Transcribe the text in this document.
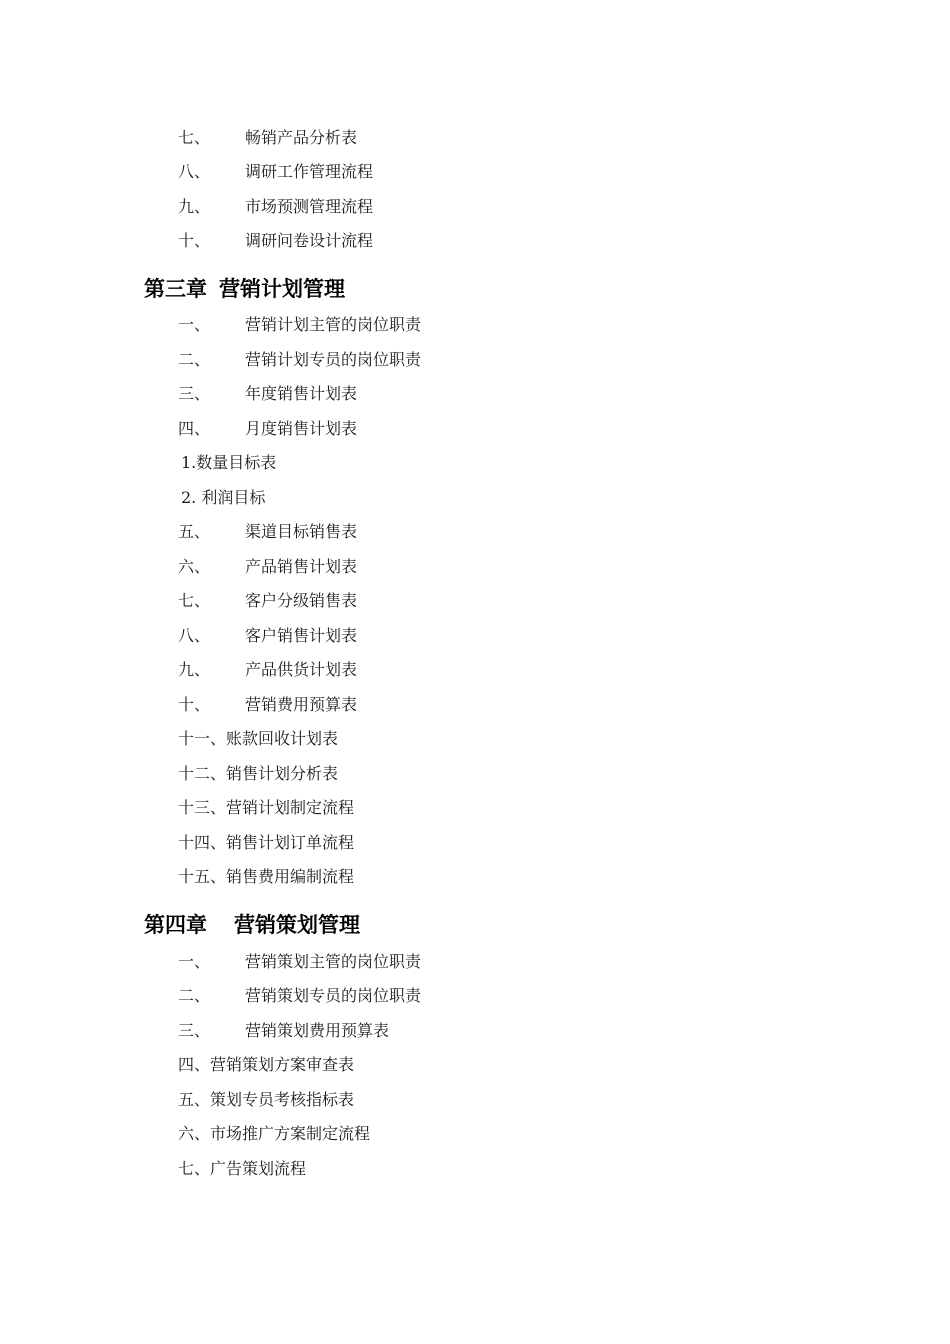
七、 畅销产品分析表
八、 调研工作管理流程
九、 市场预测管理流程
十、 调研问卷设计流程
第三章 营销计划管理
一、 营销计划主管的岗位职责
二、 营销计划专员的岗位职责
三、 年度销售计划表
四、 月度销售计划表
1.数量目标表
2. 利润目标
五、 渠道目标销售表
六、 产品销售计划表
七、 客户分级销售表
八、 客户销售计划表
九、 产品供货计划表
十、 营销费用预算表
十一、账款回收计划表
十二、销售计划分析表
十三、营销计划制定流程
十四、销售计划订单流程
十五、销售费用编制流程
第四章 营销策划管理
一、 营销策划主管的岗位职责
二、 营销策划专员的岗位职责
三、 营销策划费用预算表
四、营销策划方案审查表
五、策划专员考核指标表
六、市场推广方案制定流程
七、广告策划流程
